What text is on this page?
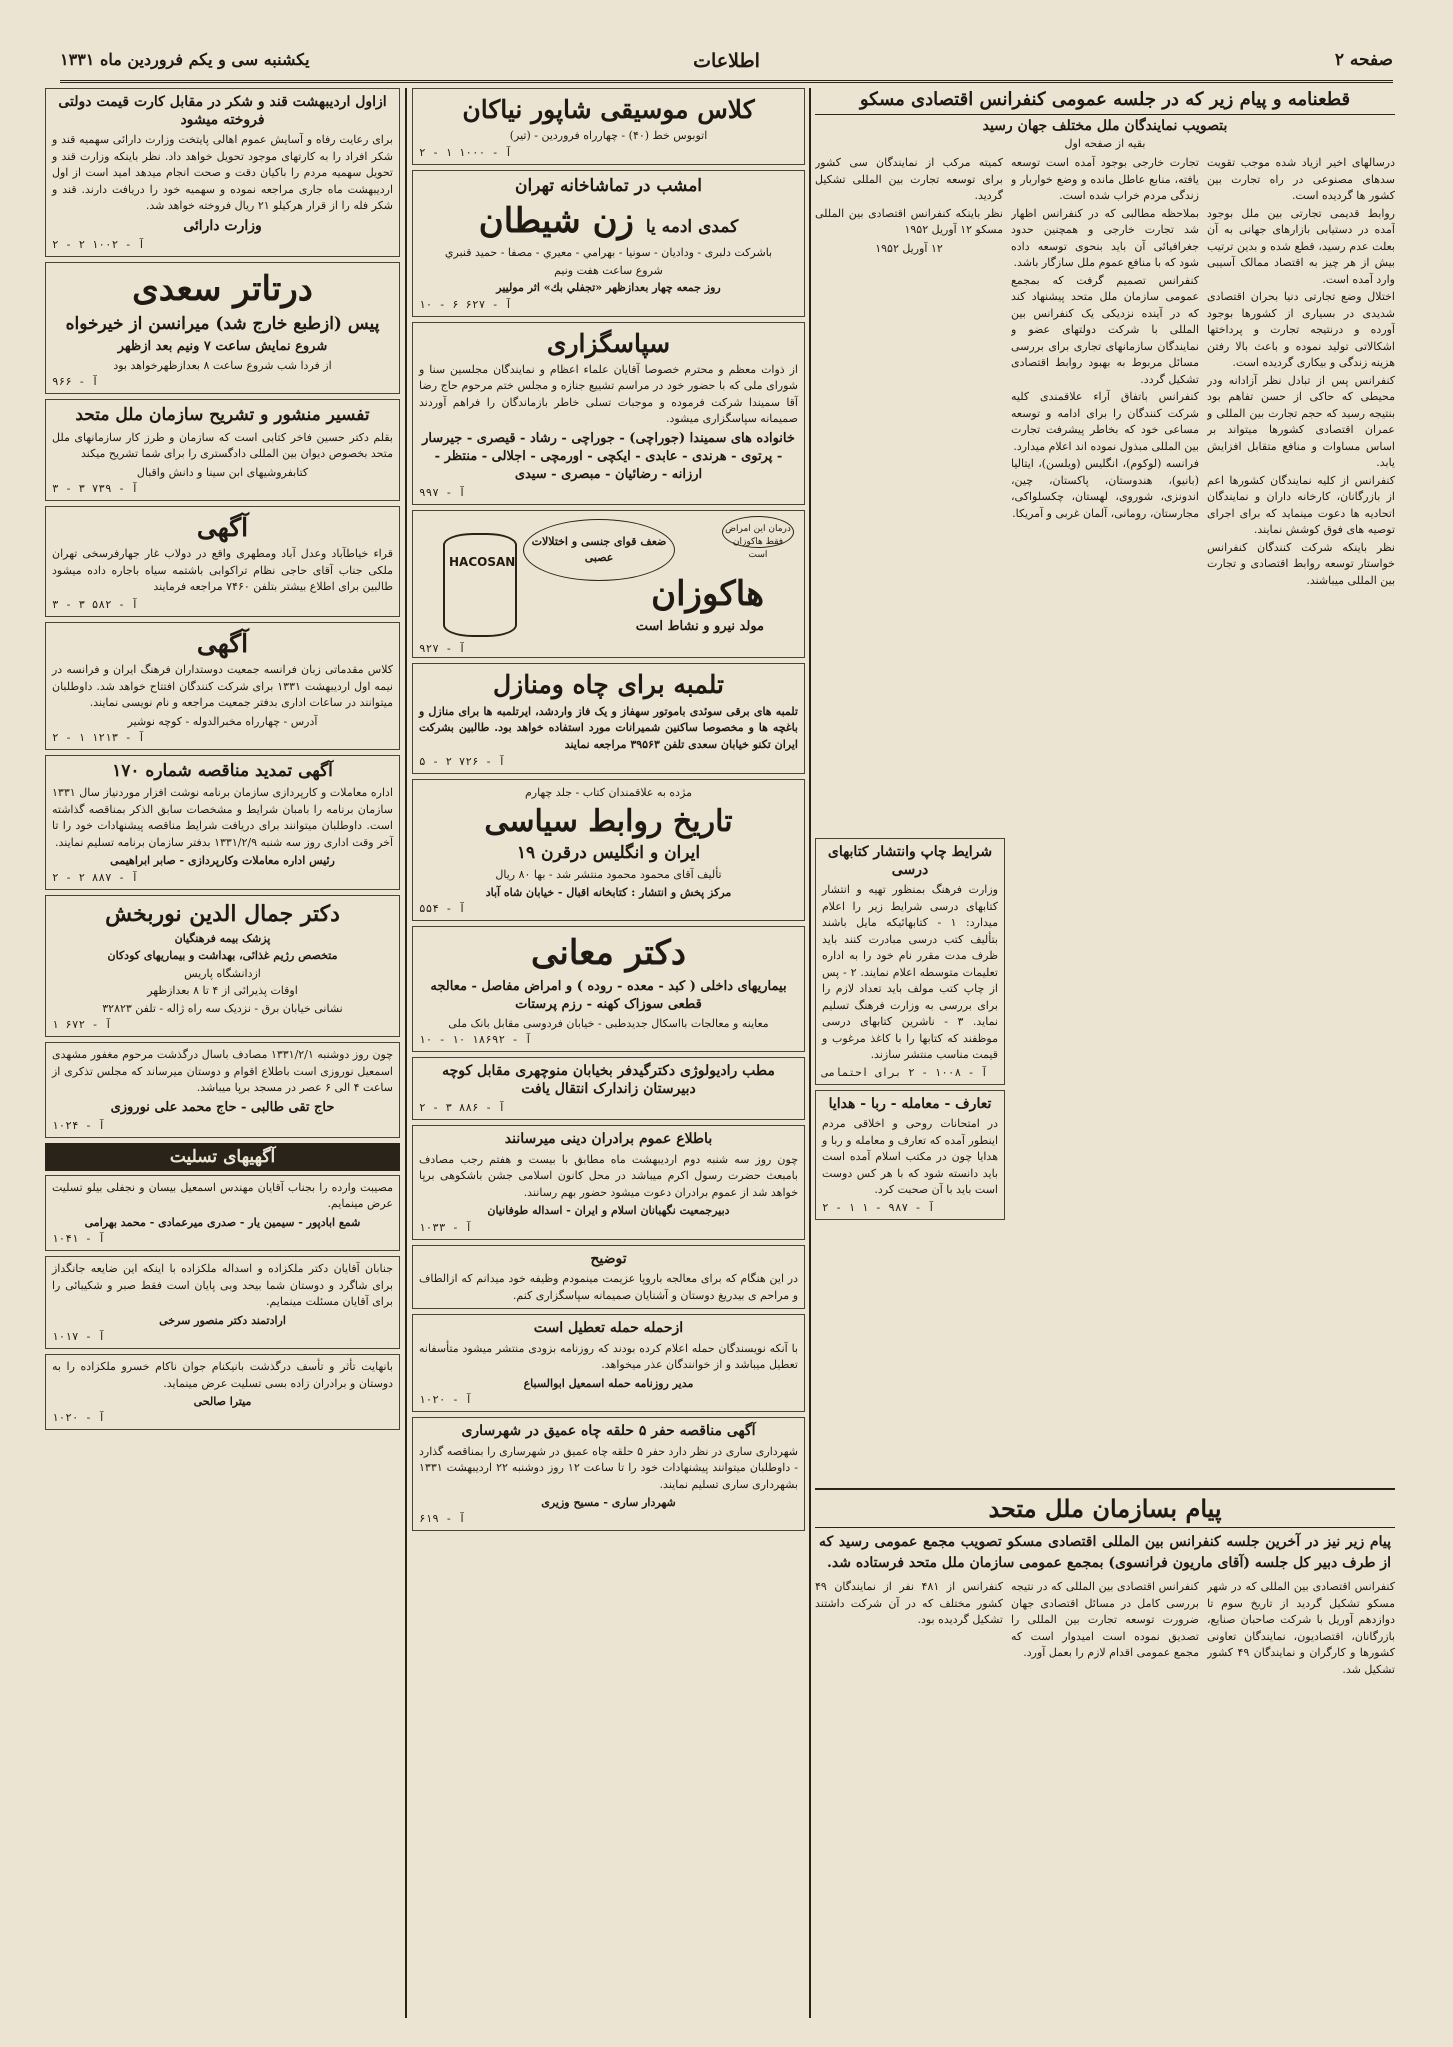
صفحه ۲
اطلاعات
یکشنبه سی و یکم فروردین ماه ۱۳۳۱
قطعنامه و پیام زیر که در جلسه عمومی کنفرانس اقتصادی مسکو
بتصویب نمایندگان ملل مختلف جهان رسید
بقیه از صفحه اول

درسالهای اخیر ازیاد شده موجب تقویت سدهای مصنوعی در راه تجارت بین کشور ها گردیده است.

روابط قدیمی تجارتی بین ملل بوجود آمده در دستیابی بازارهای جهانی به آن بعلت عدم رسید، قطع شده و بدین ترتیب بیش از هر چیز به اقتصاد ممالک آسیبی وارد آمده است.

اختلال وضع تجارتی دنیا بحران اقتصادی شدیدی در بسیاری از کشورها بوجود آورده و درنتیجه تجارت و پرداختها اشکالاتی تولید نموده و باعث بالا رفتن هزینه زندگی و بیکاری گردیده است.

کنفرانس پس از تبادل نظر آزادانه ودر محیطی که حاکی از حسن تفاهم بود بنتیجه رسید که حجم تجارت بین المللی و عمران اقتصادی کشورها میتواند بر اساس مساوات و منافع متقابل افزایش یابد.

کنفرانس از کلیه نمایندگان کشورها اعم از بازرگانان، کارخانه داران و نمایندگان اتحادیه ها دعوت مینماید که برای اجرای توصیه های فوق کوشش نمایند.

نظر باینکه شرکت کنندگان کنفرانس خواستار توسعه روابط اقتصادی و تجارت بین المللی میباشند.

تجارت خارجی بوجود آمده است توسعه یافته، منابع عاطل مانده و وضع خواربار و زندگی مردم خراب شده است.

بملاحظه مطالبی که در کنفرانس اظهار شد تجارت خارجی و همچنین حدود جغرافیائی آن باید بنحوی توسعه داده شود که با منافع عموم ملل سازگار باشد.

کنفرانس تصمیم گرفت که بمجمع عمومی سازمان ملل متحد پیشنهاد کند که در آینده نزدیکی یک کنفرانس بین المللی با شرکت دولتهای عضو و نمایندگان سازمانهای تجاری برای بررسی مسائل مربوط به بهبود روابط اقتصادی تشکیل گردد.

کنفرانس باتفاق آراء علاقمندی کلیه شرکت کنندگان را برای ادامه و توسعه مساعی خود که بخاطر پیشرفت تجارت بین المللی مبذول نموده اند اعلام میدارد.

فرانسه (لوکوم)، انگلیس (ویلسن)، ایتالیا (بانیو)، هندوستان، پاکستان، چین، اندونزی، شوروی، لهستان، چکسلواکی، مجارستان، رومانی، آلمان غربی و آمریکا.

کمیته مرکب از نمایندگان سی کشور برای توسعه تجارت بین المللی تشکیل گردید.

نظر باینکه کنفرانس اقتصادی بین المللی مسکو ۱۲ آوریل ۱۹۵۲

۱۲ آوریل ۱۹۵۲

پیام بسازمان ملل متحد
پیام زیر نیز در آخرین جلسه کنفرانس بین المللی اقتصادی مسکو تصویب مجمع عمومی رسید که از طرف دبیر کل جلسه (آقای ماریون فرانسوی) بمجمع عمومی سازمان ملل متحد فرستاده شد.

کنفرانس اقتصادی بین المللی که در شهر مسکو تشکیل گردید از تاریخ سوم تا دوازدهم آوریل با شرکت صاحبان صنایع، بازرگانان، اقتصادیون، نمایندگان تعاونی کشورها و کارگران و نمایندگان ۴۹ کشور تشکیل شد.

کنفرانس اقتصادی بین المللی که در نتیجه بررسی کامل در مسائل اقتصادی جهان ضرورت توسعه تجارت بین المللی را تصدیق نموده است امیدوار است که مجمع عمومی اقدام لازم را بعمل آورد.

کنفرانس از ۴۸۱ نفر از نمایندگان ۴۹ کشور مختلف که در آن شرکت داشتند تشکیل گردیده بود.

کلاس موسیقی شاپور نیاکان
اتوبوس خط (۴۰) - چهارراه فروردین - (تیر)
آ - ۱۰۰۰ ۱ - ۲
امشب در تماشاخانه تهران
کمدی ادمه یا زن شیطان
باشرکت دلبری - وداديان - سونيا - بهرامي - معيري - مصفا - حميد قنبري
شروع ساعت هفت ونیم
روز جمعه چهار بعدازظهر «تجفلي بك» اثر موليير
آ - ۶۲۷ ۶ - ۱۰
سپاسگزاری

از ذوات معظم و محترم خصوصا آقایان علماء اعظام و نمایندگان مجلسین سنا و شورای ملی که با حضور خود در مراسم تشییع جنازه و مجلس ختم مرحوم حاج رضا آقا سمیندا شرکت فرموده و موجبات تسلی خاطر بازماندگان را فراهم آوردند صمیمانه سپاسگزاری میشود.

خانواده های سمیندا (جوراچی) - جوراچی - رشاد - قیصری - جیرسار - پرتوی - هرندی - عابدی - ایکچی - اورمچی - اجلالی - منتظر - ارزانه - رضائیان - مبصری - سیدی
آ - ۹۹۷
HACOSAN
ضعف قوای جنسی و اختلالات عصبی
درمان این امراض فقط هاکوزان است
هاکوزان
مولد نیرو و نشاط است
آ - ۹۲۷
تلمبه برای چاه ومنازل

تلمبه های برقی سوئدی باموتور سهفاز و یک فاز واردشد، ایرتلمبه ها برای منازل و باغچه ها و مخصوصا ساکنین شمیرانات مورد استفاده خواهد بود. طالبین بشرکت ایران تکنو خیابان سعدی تلفن ۳۹۵۶۳ مراجعه نمایند

آ - ۷۲۶ ۲ - ۵
مژده به علاقمندان کتاب - جلد چهارم
تاریخ روابط سیاسی
ایران و انگلیس درقرن ۱۹
تألیف آقای محمود محمود منتشر شد - بها ۸۰ ریال
مرکز پخش و انتشار : کتابخانه اقبال - خیابان شاه آباد
آ - ۵۵۴
دکتر معانی
بیماریهای داخلی ( کبد - معده - روده ) و امراض مفاصل - معالجه قطعی سوزاک کهنه - رزم پرستات
معاینه و معالجات بااسکال جدیدطبی - خیابان فردوسی مقابل بانک ملی
آ - ۱۸۶۹۲ ۱۰ - ۱۰
مطب رادیولوژی دکترگیدفر بخیابان منوچهری مقابل کوچه دبیرستان زاندارک انتقال یافت
آ - ۸۸۶ ۳ - ۲
باطلاع عموم برادران دینی میرسانند

چون روز سه شنبه دوم اردیبهشت ماه مطابق با بیست و هفتم رجب مصادف بامبعث حضرت رسول اکرم میباشد در محل کانون اسلامی جشن باشکوهی برپا خواهد شد از عموم برادران دعوت میشود حضور بهم رسانند.

دبیرجمعیت نگهبانان اسلام و ایران - اسداله طوفانیان
آ - ۱۰۳۳
توضیح

در این هنگام که برای معالجه باروپا عزیمت مینمودم وظیفه خود میدانم که ازالطاف و مراحم ی بیدریغ دوستان و آشنایان صمیمانه سپاسگزاری کنم.

ازحمله حمله تعطیل است

با آنکه نویسندگان حمله اعلام کرده بودند که روزنامه بزودی منتشر میشود متأسفانه تعطیل میباشد و از خوانندگان عذر میخواهد.

مدیر روزنامه حمله اسمعیل ابوالسباع
آ - ۱۰۲۰
آگهی مناقصه حفر ۵ حلقه چاه عمیق در شهرساری

شهرداری ساری در نظر دارد حفر ۵ حلقه چاه عمیق در شهرساری را بمناقصه گذارد - داوطلبان میتوانند پیشنهادات خود را تا ساعت ۱۲ روز دوشنبه ۲۲ اردیبهشت ۱۳۳۱ بشهرداری ساری تسلیم نمایند.

شهردار ساری - مسیح وزیری
آ - ۶۱۹
شرایط چاپ وانتشار کتابهای درسی

وزارت فرهنگ بمنظور تهیه و انتشار کتابهای درسی شرایط زیر را اعلام میدارد: ۱ - کتابهائیکه مایل باشند بتألیف کتب درسی مبادرت کنند باید ظرف مدت مقرر نام خود را به اداره تعلیمات متوسطه اعلام نمایند. ۲ - پس از چاپ کتب مولف باید تعداد لازم را برای بررسی به وزارت فرهنگ تسلیم نماید. ۳ - ناشرین کتابهای درسی موظفند که کتابها را با کاغذ مرغوب و قیمت مناسب منتشر سازند.

آ - ۱۰۰۸ - ۲ برای احتمامی
تعارف - معامله - ربا - هدایا

در امتحانات روحی و اخلاقی مردم اینطور آمده که تعارف و معامله و ربا و هدایا چون در مکتب اسلام آمده است باید دانسته شود که با هر کس دوست است باید با آن صحبت کرد.

آ - ۹۸۷ - ۱ ۱ - ۲
ازاول اردیبهشت قند و شکر در مقابل کارت قیمت دولتی فروخته میشود

برای رعایت رفاه و آسایش عموم اهالی پایتخت وزارت دارائی سهمیه قند و شکر افراد را به کارتهای موجود تحویل خواهد داد. نظر باینکه وزارت قند و تحویل سهمیه مردم را باکیان دقت و صحت انجام میدهد امید است از اول اردیبهشت ماه جاری مراجعه نموده و سهمیه خود را دریافت دارند. قند و شکر فله را از قرار هرکیلو ۲۱ ریال فروخته خواهد شد.

وزارت دارائی
آ - ۱۰۰۲ ۲ - ۲
درتاتر سعدی
پیس (ازطبع خارج شد) میرانسن از خیرخواه
شروع نمایش ساعت ۷ ونیم بعد ازظهر
از فردا شب شروع ساعت ۸ بعدازظهرخواهد بود
آ - ۹۶۶
تفسیر منشور و تشریح سازمان ملل متحد

بقلم دکتر حسین فاخر کتابی است که سازمان و طرز کار سازمانهای ملل متحد بخصوص دیوان بین المللی دادگستری را برای شما تشریح میکند

کتابفروشیهای ابن سینا و دانش واقبال
آ - ۷۳۹ ۳ - ۳
آگهی

قراء خیاطآباد وعدل آباد ومطهری واقع در دولاب غار جهارفرسخی تهران ملکی جناب آقای حاجی نظام تراکوابی باشتمه سیاه باجاره داده میشود طالبین برای اطلاع بیشتر بتلفن ۷۴۶۰ مراجعه فرمایند

آ - ۵۸۲ ۳ - ۳
آگهی

کلاس مقدماتی زبان فرانسه جمعیت دوستداران فرهنگ ایران و فرانسه در نیمه اول اردیبهشت ۱۳۳۱ برای شرکت کنندگان افتتاح خواهد شد. داوطلبان میتوانند در ساعات اداری بدفتر جمعیت مراجعه و نام نویسی نمایند.

آدرس - چهارراه مخبرالدوله - کوچه نوشیر
آ - ۱۲۱۳ ۱ - ۲
آگهی تمدید مناقصه شماره ۱۷۰

اداره معاملات و کارپردازی سازمان برنامه نوشت افزار موردنیاز سال ۱۳۳۱ سازمان برنامه را بامبان شرایط و مشخصات سابق الذکر بمناقصه گذاشته است. داوطلبان میتوانند برای دریافت شرایط مناقصه پیشنهادات خود را تا آخر وقت اداری روز سه شنبه ۱۳۳۱/۲/۹ بدفتر سازمان برنامه تسلیم نمایند.

رئیس اداره معاملات وکارپردازی - صابر ابراهیمی
آ - ۸۸۷ ۲ - ۲
دکتر جمال الدین نوربخش
پزشک بیمه فرهنگیان
متخصص رژیم غذائی، بهداشت و بیماریهای کودکان
ازدانشگاه پاریس
اوقات پذیرائی از ۴ تا ۸ بعدازظهر
نشانی خیابان برق - نزدیک سه راه ژاله - تلفن ۳۲۸۲۳
آ - ۶۷۲ ۱

چون روز دوشنبه ۱۳۳۱/۲/۱ مصادف باسال درگذشت مرحوم مغفور مشهدی اسمعیل نوروزی است باطلاع اقوام و دوستان میرساند که مجلس تذکری از ساعت ۴ الی ۶ عصر در مسجد برپا میباشد.

حاج تقی طالبی - حاج محمد علی نوروزی
آ - ۱۰۲۴
آگهیهای تسلیت

مصیبت وارده را بجناب آقایان مهندس اسمعیل بیسان و نجفلی بیلو تسلیت عرض مینمایم.

شمع ابادپور - سیمین یار - صدری میرعمادی - محمد بهرامی
آ - ۱۰۴۱

جنابان آقایان دکتر ملکزاده و اسداله ملکزاده با اینکه این ضایعه جانگداز برای شاگرد و دوستان شما بیحد وبی پایان است فقط صبر و شکیبائی را برای آقایان مسئلت مینمایم.

ارادتمند دکتر منصور سرخی
آ - ۱۰۱۷

بانهایت تأثر و تأسف درگذشت بانیکنام جوان ناکام خسرو ملکزاده را به دوستان و برادران زاده بسی تسلیت عرض مینماید.

میترا صالحی
آ - ۱۰۲۰
